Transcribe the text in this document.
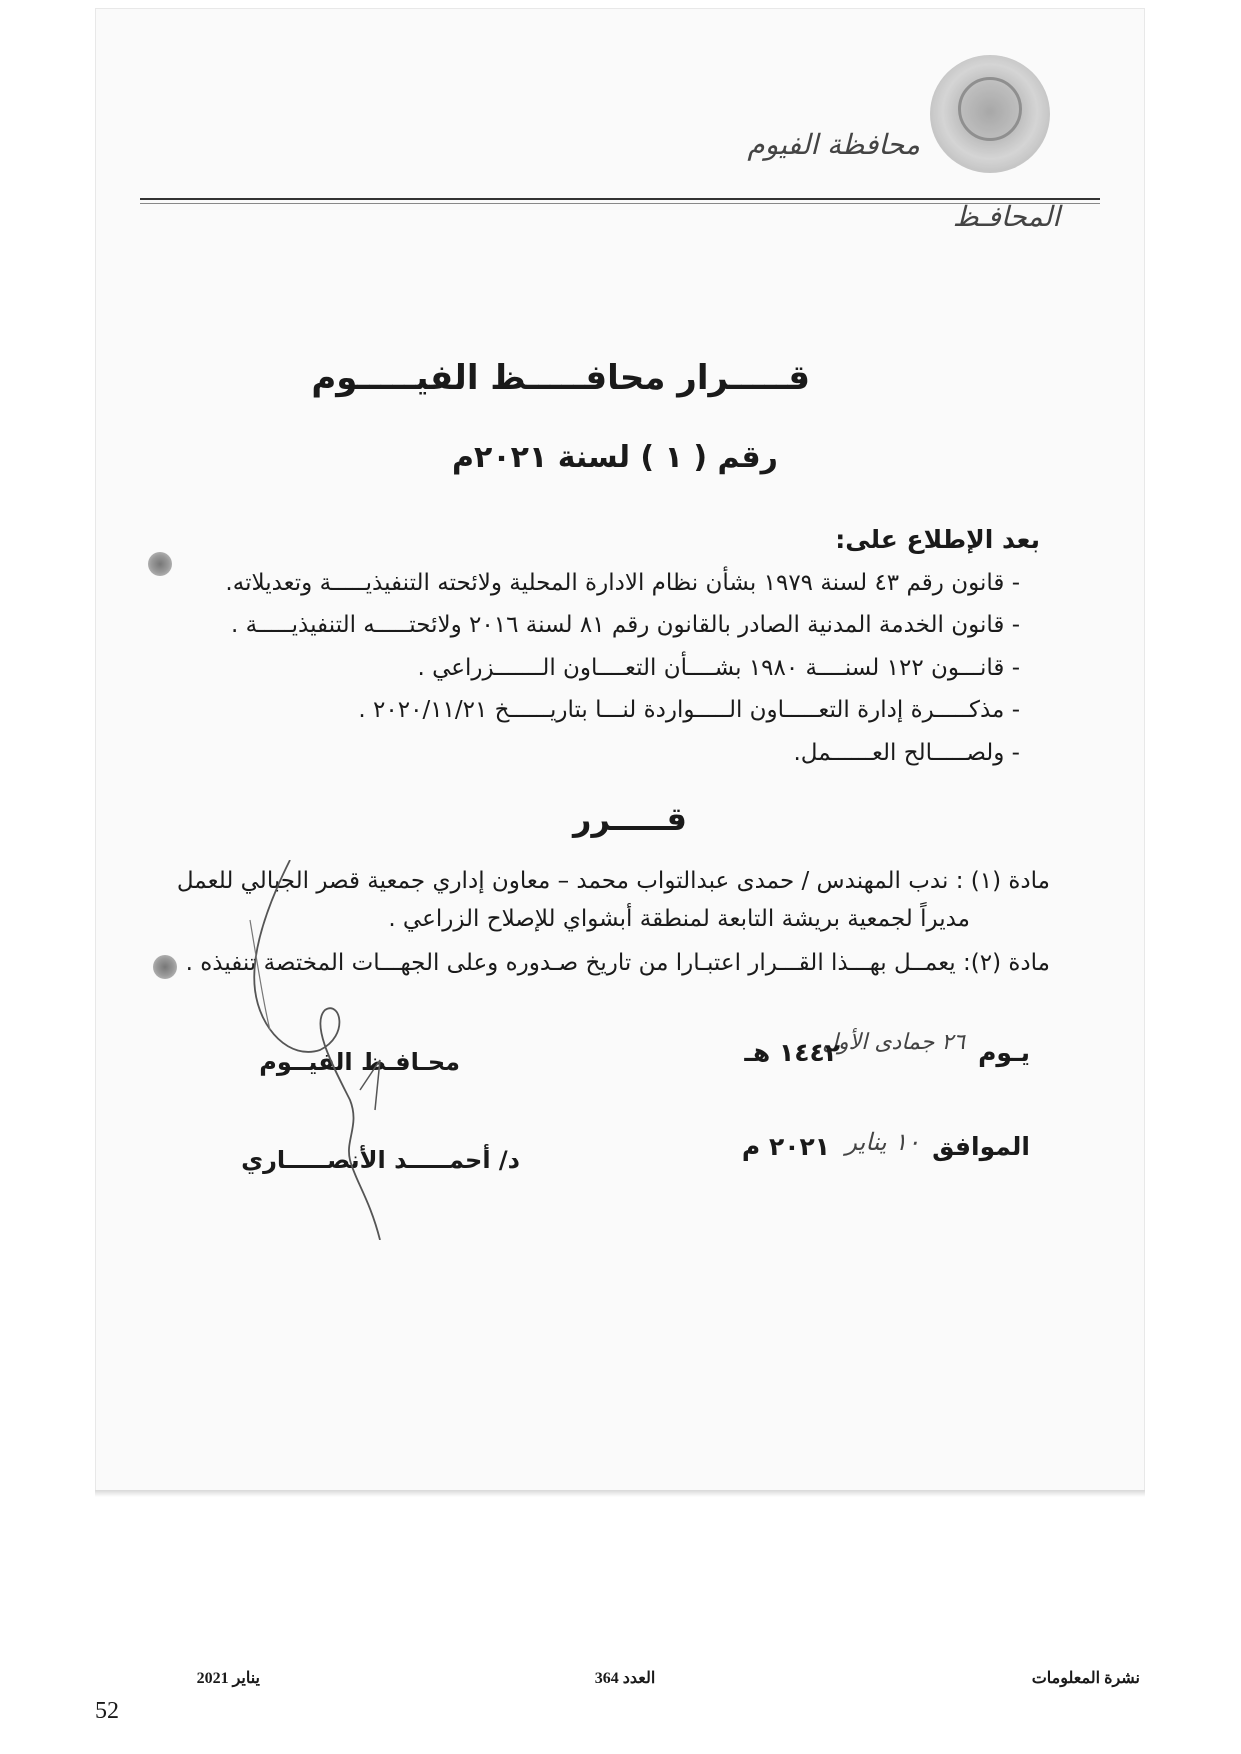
محافظة الفيوم
المحافـظ
قـــــرار محافـــــظ الفيـــــوم
رقم ( ١ ) لسنة ٢٠٢١م
بعد الإطلاع على:
- قانون رقم ٤٣ لسنة ١٩٧٩ بشأن نظام الادارة المحلية ولائحته التنفيذيـــــة وتعديلاته.
- قانون الخدمة المدنية الصادر بالقانون رقم ٨١ لسنة ٢٠١٦ ولائحتـــــه التنفيذيـــــة .
- قانـــون ١٢٢ لسنــــة ١٩٨٠ بشــــأن التعــــاون الـــــــزراعي .
- مذكـــــرة إدارة التعـــــاون الـــــواردة لنـــا بتاريــــــخ ٢٠٢٠/١١/٢١ .
- ولصـــــالح العــــــمل.
قـــــرر
مادة (١) : ندب المهندس / حمدى عبدالتواب محمد – معاون إداري جمعية قصر الجبالي للعمل
مديراً لجمعية بريشة التابعة لمنطقة أبشواي للإصلاح الزراعي .
مادة (٢): يعمــل بهـــذا القـــرار اعتبـارا من تاريخ صـدوره وعلى الجهـــات المختصة تنفيذه .
يـوم
٢٦ جمادى الأول
١٤٤٢ هـ
الموافق
١٠ يناير
٢٠٢١ م
محـافـظ الفيــوم
د/ أحمـــــد الأنصـــــاري
نشرة المعلومات
العدد 364
يناير 2021
52
